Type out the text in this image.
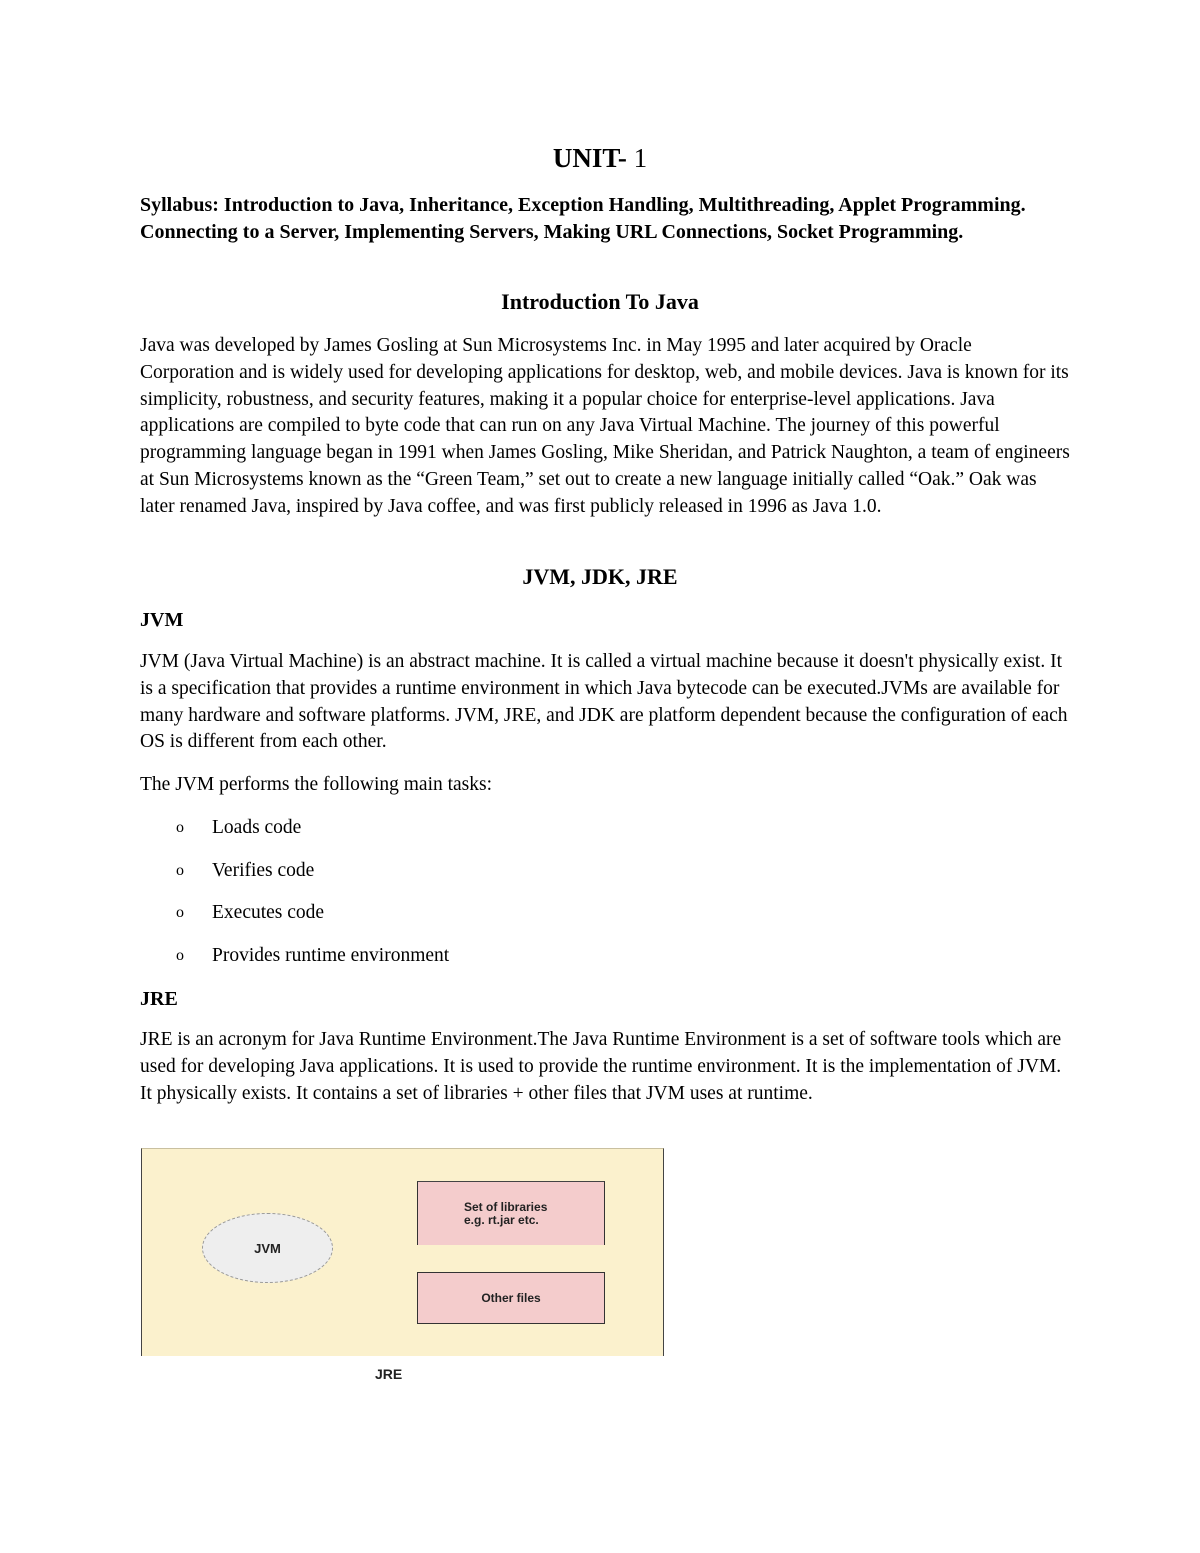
UNIT- 1
Syllabus: Introduction to Java, Inheritance, Exception Handling, Multithreading, Applet Programming. Connecting to a Server, Implementing Servers, Making URL Connections, Socket Programming.
Introduction To Java
Java was developed by James Gosling at Sun Microsystems Inc. in May 1995 and later acquired by Oracle Corporation and is widely used for developing applications for desktop, web, and mobile devices. Java is known for its simplicity, robustness, and security features, making it a popular choice for enterprise-level applications. Java applications are compiled to byte code that can run on any Java Virtual Machine. The journey of this powerful programming language began in 1991 when James Gosling, Mike Sheridan, and Patrick Naughton, a team of engineers at Sun Microsystems known as the “Green Team,” set out to create a new language initially called “Oak.” Oak was later renamed Java, inspired by Java coffee, and was first publicly released in 1996 as Java 1.0.
JVM, JDK, JRE
JVM
JVM (Java Virtual Machine) is an abstract machine. It is called a virtual machine because it doesn't physically exist. It is a specification that provides a runtime environment in which Java bytecode can be executed.JVMs are available for many hardware and software platforms. JVM, JRE, and JDK are platform dependent because the configuration of each OS is different from each other.
The JVM performs the following main tasks:
o Loads code
o Verifies code
o Executes code
o Provides runtime environment
JRE
JRE is an acronym for Java Runtime Environment.The Java Runtime Environment is a set of software tools which are used for developing Java applications. It is used to provide the runtime environment. It is the implementation of JVM. It physically exists. It contains a set of libraries + other files that JVM uses at runtime.
JVM
Set of libraries
e.g. rt.jar etc.
Other files
JRE
